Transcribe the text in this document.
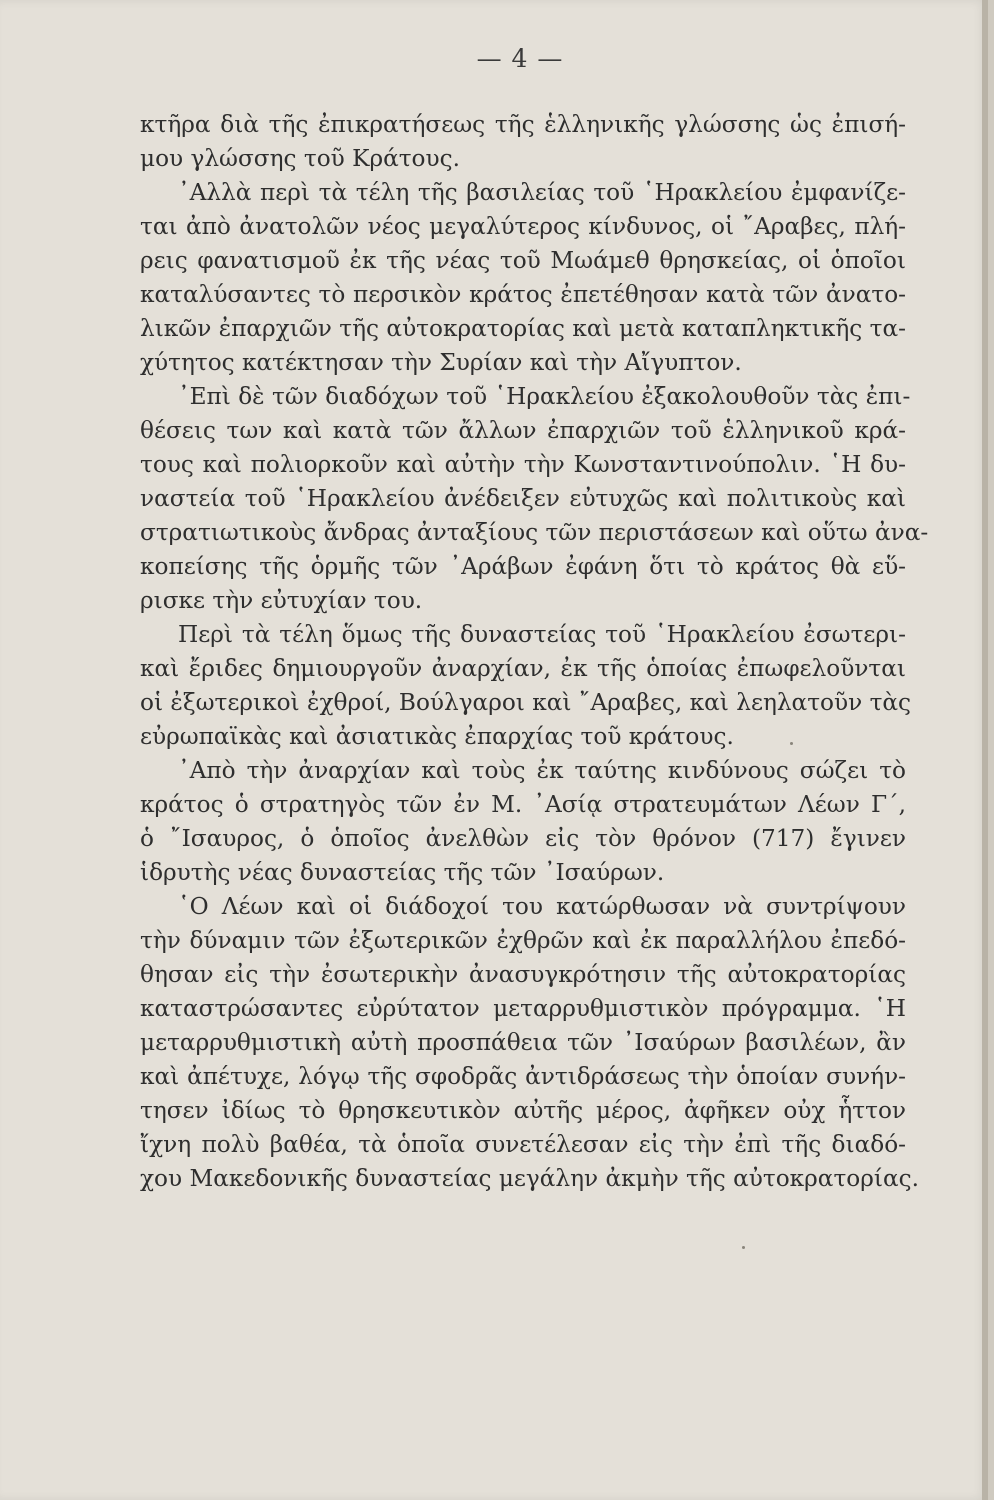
— 4 —
κτῆρα διὰ τῆς ἐπικρατήσεως τῆς ἑλληνικῆς γλώσσης ὡς ἐπισή-
μου γλώσσης τοῦ Κράτους.
᾿Αλλὰ περὶ τὰ τέλη τῆς βασιλείας τοῦ ῾Ηρακλείου ἐμφανίζε-
ται ἀπὸ ἀνατολῶν νέος μεγαλύτερος κίνδυνος, οἱ ῎Αραβες, πλή-
ρεις φανατισμοῦ ἐκ τῆς νέας τοῦ Μωάμεθ θρησκείας, οἱ ὁποῖοι
καταλύσαντες τὸ περσικὸν κράτος ἐπετέθησαν κατὰ τῶν ἀνατο-
λικῶν ἐπαρχιῶν τῆς αὐτοκρατορίας καὶ μετὰ καταπληκτικῆς τα-
χύτητος κατέκτησαν τὴν Συρίαν καὶ τὴν Αἴγυπτον.
᾿Επὶ δὲ τῶν διαδόχων τοῦ ῾Ηρακλείου ἐξακολουθοῦν τὰς ἐπι-
θέσεις των καὶ κατὰ τῶν ἄλλων ἐπαρχιῶν τοῦ ἑλληνικοῦ κρά-
τους καὶ πολιορκοῦν καὶ αὐτὴν τὴν Κωνσταντινούπολιν. ῾Η δυ-
ναστεία τοῦ ῾Ηρακλείου ἀνέδειξεν εὐτυχῶς καὶ πολιτικοὺς καὶ
στρατιωτικοὺς ἄνδρας ἀνταξίους τῶν περιστάσεων καὶ οὕτω ἀνα-
κοπείσης τῆς ὁρμῆς τῶν ᾿Αράβων ἐφάνη ὅτι τὸ κράτος θὰ εὕ-
ρισκε τὴν εὐτυχίαν του.
Περὶ τὰ τέλη ὅμως τῆς δυναστείας τοῦ ῾Ηρακλείου ἐσωτερι-
καὶ ἔριδες δημιουργοῦν ἀναρχίαν, ἐκ τῆς ὁποίας ἐπωφελοῦνται
οἱ ἐξωτερικοὶ ἐχθροί, Βούλγαροι καὶ ῎Αραβες, καὶ λεηλατοῦν τὰς
εὐρωπαϊκὰς καὶ ἀσιατικὰς ἐπαρχίας τοῦ κράτους.
᾿Απὸ τὴν ἀναρχίαν καὶ τοὺς ἐκ ταύτης κινδύνους σώζει τὸ
κράτος ὁ στρατηγὸς τῶν ἐν Μ. ᾿Ασίᾳ στρατευμάτων Λέων Γ΄,
ὁ ῎Ισαυρος, ὁ ὁποῖος ἀνελθὼν εἰς τὸν θρόνον (717) ἔγινεν
ἱδρυτὴς νέας δυναστείας τῆς τῶν ᾿Ισαύρων.
῾Ο Λέων καὶ οἱ διάδοχοί του κατώρθωσαν νὰ συντρίψουν
τὴν δύναμιν τῶν ἐξωτερικῶν ἐχθρῶν καὶ ἐκ παραλλήλου ἐπεδό-
θησαν εἰς τὴν ἐσωτερικὴν ἀνασυγκρότησιν τῆς αὐτοκρατορίας
καταστρώσαντες εὐρύτατον μεταρρυθμιστικὸν πρόγραμμα. ῾Η
μεταρρυθμιστικὴ αὐτὴ προσπάθεια τῶν ᾿Ισαύρων βασιλέων, ἂν
καὶ ἀπέτυχε, λόγῳ τῆς σφοδρᾶς ἀντιδράσεως τὴν ὁποίαν συνήν-
τησεν ἰδίως τὸ θρησκευτικὸν αὐτῆς μέρος, ἀφῆκεν οὐχ ἧττον
ἴχνη πολὺ βαθέα, τὰ ὁποῖα συνετέλεσαν εἰς τὴν ἐπὶ τῆς διαδό-
χου Μακεδονικῆς δυναστείας μεγάλην ἀκμὴν τῆς αὐτοκρατορίας.
